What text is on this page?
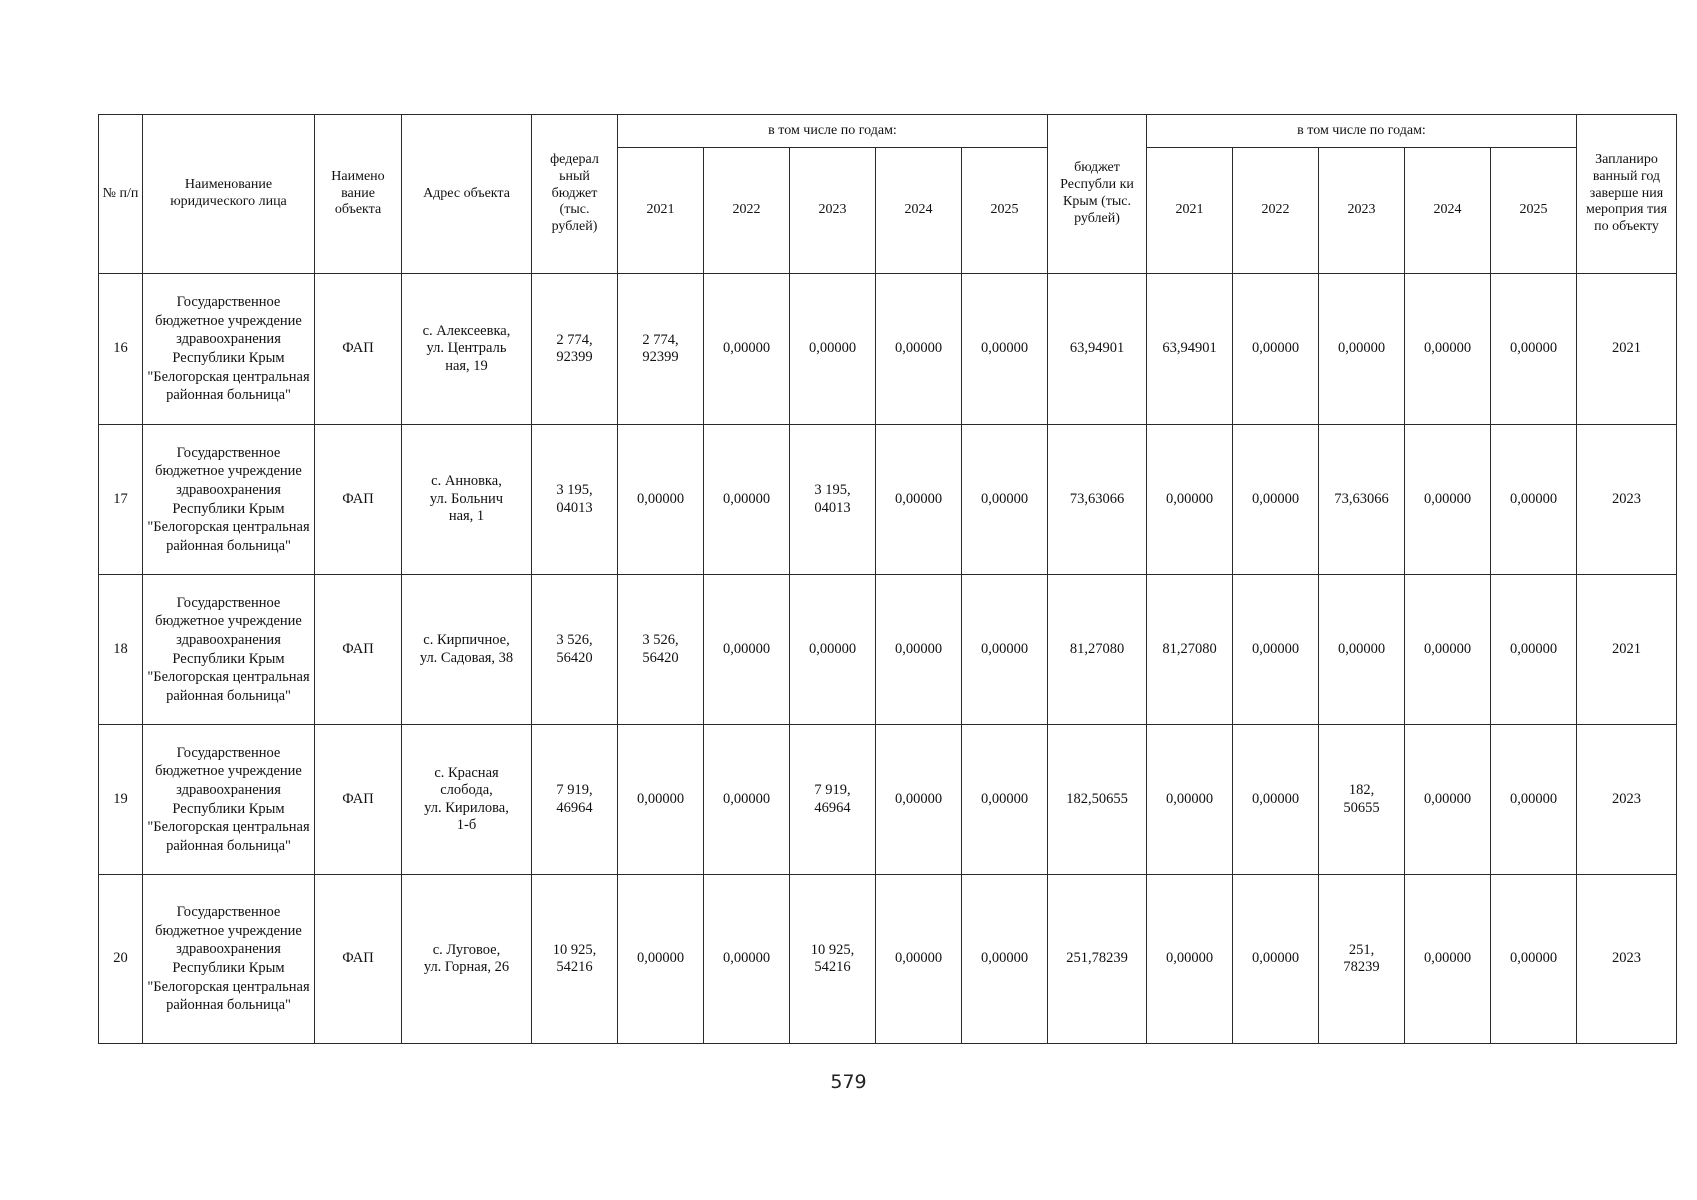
№ п/п	Наименование юридического лица	Наимено вание объекта	Адрес объекта	федерал ьный бюджет (тыс. рублей)	в том числе по годам:					бюджет Республи ки Крым (тыс. рублей)	в том числе по годам:					Запланиро ванный год заверше ния мероприя тия по объекту
					2021	2022	2023	2024	2025		2021	2022	2023	2024	2025	
16	Государственное бюджетное учреждение здравоохранения Республики Крым "Белогорская центральная районная больница"	ФАП	с. Алексеевка,
ул. Централь
ная, 19	2 774,
92399	2 774,
92399	0,00000	0,00000	0,00000	0,00000	63,94901	63,94901	0,00000	0,00000	0,00000	0,00000	2021
17	Государственное бюджетное учреждение здравоохранения Республики Крым "Белогорская центральная районная больница"	ФАП	с. Анновка,
ул. Больнич
ная, 1	3 195,
04013	0,00000	0,00000	3 195,
04013	0,00000	0,00000	73,63066	0,00000	0,00000	73,63066	0,00000	0,00000	2023
18	Государственное бюджетное учреждение здравоохранения Республики Крым "Белогорская центральная районная больница"	ФАП	с. Кирпичное,
ул. Садовая, 38	3 526,
56420	3 526,
56420	0,00000	0,00000	0,00000	0,00000	81,27080	81,27080	0,00000	0,00000	0,00000	0,00000	2021
19	Государственное бюджетное учреждение здравоохранения Республики Крым "Белогорская центральная районная больница"	ФАП	с. Красная
слобода,
ул. Кирилова,
1-б	7 919,
46964	0,00000	0,00000	7 919,
46964	0,00000	0,00000	182,50655	0,00000	0,00000	182,
50655	0,00000	0,00000	2023
20	Государственное бюджетное учреждение здравоохранения Республики Крым "Белогорская центральная районная больница"	ФАП	с. Луговое,
ул. Горная, 26	10 925,
54216	0,00000	0,00000	10 925,
54216	0,00000	0,00000	251,78239	0,00000	0,00000	251,
78239	0,00000	0,00000	2023
579
